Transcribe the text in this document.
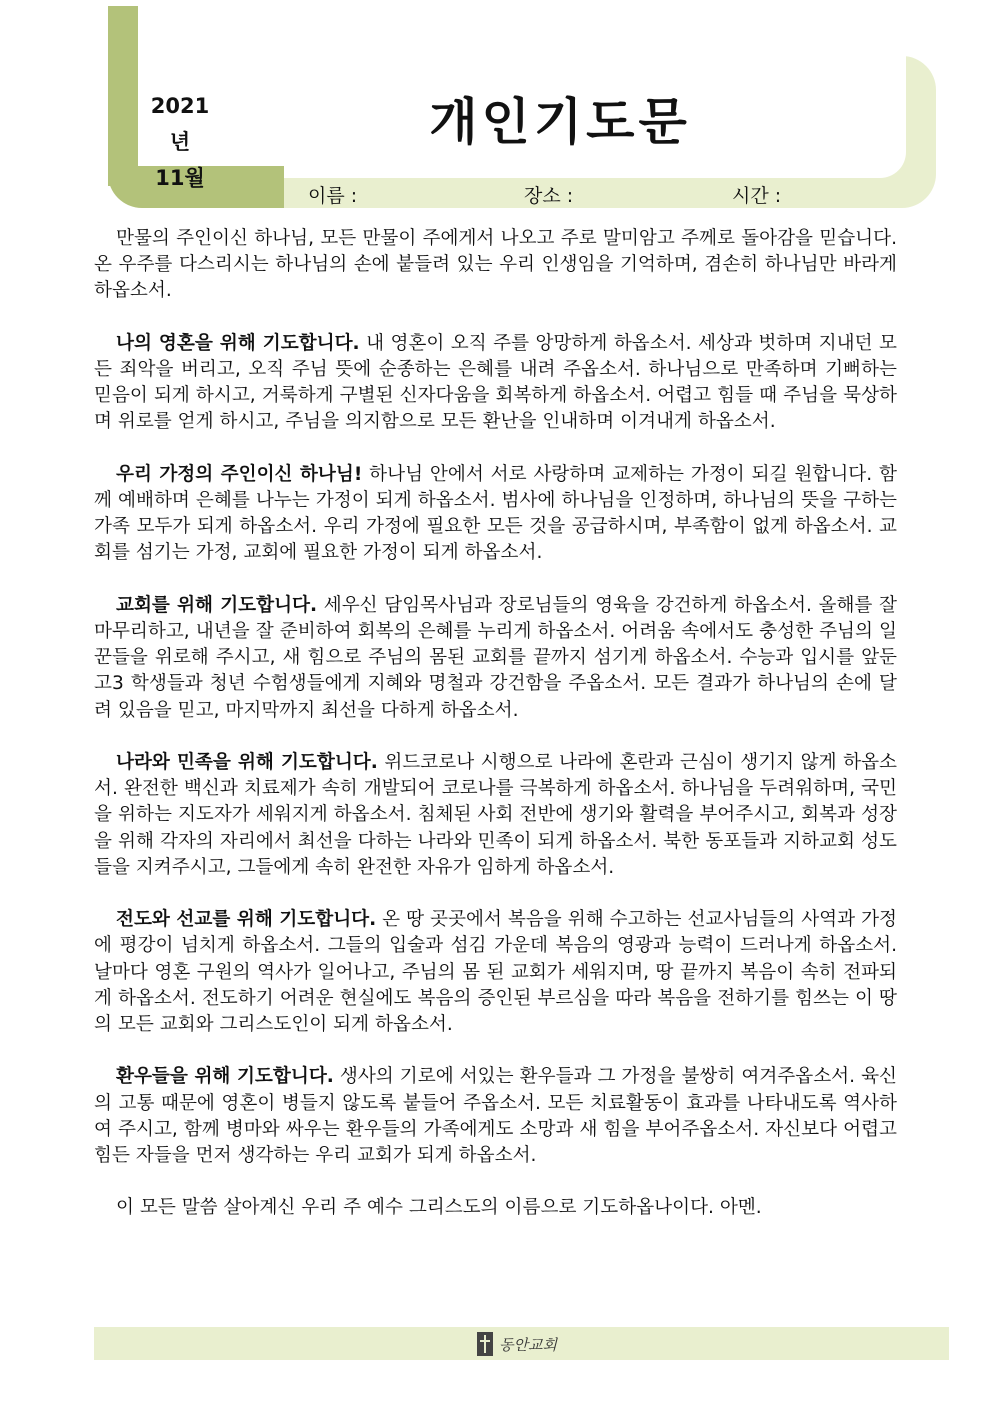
2021년
11월
개인기도문
이름 :	장소 :	시간 :

만물의 주인이신 하나님, 모든 만물이 주에게서 나오고 주로 말미암고 주께로 돌아감을 믿습니다. 온 우주를 다스리시는 하나님의 손에 붙들려 있는 우리 인생임을 기억하며, 겸손히 하나님만 바라게 하옵소서.

나의 영혼을 위해 기도합니다. 내 영혼이 오직 주를 앙망하게 하옵소서. 세상과 벗하며 지내던 모든 죄악을 버리고, 오직 주님 뜻에 순종하는 은혜를 내려 주옵소서. 하나님으로 만족하며 기뻐하는 믿음이 되게 하시고, 거룩하게 구별된 신자다움을 회복하게 하옵소서. 어렵고 힘들 때 주님을 묵상하며 위로를 얻게 하시고, 주님을 의지함으로 모든 환난을 인내하며 이겨내게 하옵소서.

우리 가정의 주인이신 하나님! 하나님 안에서 서로 사랑하며 교제하는 가정이 되길 원합니다. 함께 예배하며 은혜를 나누는 가정이 되게 하옵소서. 범사에 하나님을 인정하며, 하나님의 뜻을 구하는 가족 모두가 되게 하옵소서. 우리 가정에 필요한 모든 것을 공급하시며, 부족함이 없게 하옵소서. 교회를 섬기는 가정, 교회에 필요한 가정이 되게 하옵소서.

교회를 위해 기도합니다. 세우신 담임목사님과 장로님들의 영육을 강건하게 하옵소서. 올해를 잘 마무리하고, 내년을 잘 준비하여 회복의 은혜를 누리게 하옵소서. 어려움 속에서도 충성한 주님의 일꾼들을 위로해 주시고, 새 힘으로 주님의 몸된 교회를 끝까지 섬기게 하옵소서. 수능과 입시를 앞둔 고3 학생들과 청년 수험생들에게 지혜와 명철과 강건함을 주옵소서. 모든 결과가 하나님의 손에 달려 있음을 믿고, 마지막까지 최선을 다하게 하옵소서.

나라와 민족을 위해 기도합니다. 위드코로나 시행으로 나라에 혼란과 근심이 생기지 않게 하옵소서. 완전한 백신과 치료제가 속히 개발되어 코로나를 극복하게 하옵소서. 하나님을 두려워하며, 국민을 위하는 지도자가 세워지게 하옵소서. 침체된 사회 전반에 생기와 활력을 부어주시고, 회복과 성장을 위해 각자의 자리에서 최선을 다하는 나라와 민족이 되게 하옵소서. 북한 동포들과 지하교회 성도들을 지켜주시고, 그들에게 속히 완전한 자유가 임하게 하옵소서.

전도와 선교를 위해 기도합니다. 온 땅 곳곳에서 복음을 위해 수고하는 선교사님들의 사역과 가정에 평강이 넘치게 하옵소서. 그들의 입술과 섬김 가운데 복음의 영광과 능력이 드러나게 하옵소서. 날마다 영혼 구원의 역사가 일어나고, 주님의 몸 된 교회가 세워지며, 땅 끝까지 복음이 속히 전파되게 하옵소서. 전도하기 어려운 현실에도 복음의 증인된 부르심을 따라 복음을 전하기를 힘쓰는 이 땅의 모든 교회와 그리스도인이 되게 하옵소서.

환우들을 위해 기도합니다. 생사의 기로에 서있는 환우들과 그 가정을 불쌍히 여겨주옵소서. 육신의 고통 때문에 영혼이 병들지 않도록 붙들어 주옵소서. 모든 치료활동이 효과를 나타내도록 역사하여 주시고, 함께 병마와 싸우는 환우들의 가족에게도 소망과 새 힘을 부어주옵소서. 자신보다 어렵고 힘든 자들을 먼저 생각하는 우리 교회가 되게 하옵소서.

이 모든 말씀 살아계신 우리 주 예수 그리스도의 이름으로 기도하옵나이다. 아멘.

동안교회
